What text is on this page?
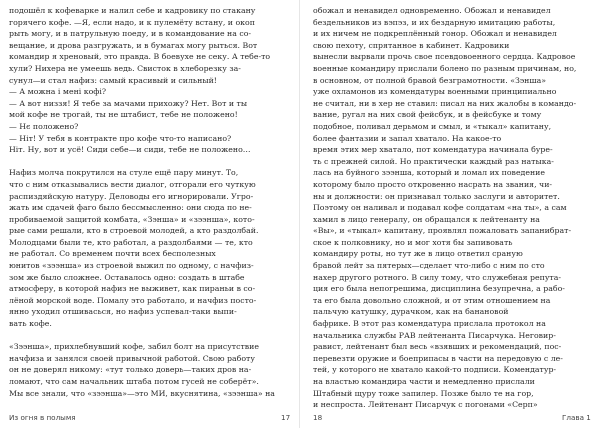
подошёл к кофеварке и налил себе и кадровику по стакану
горячего кофе. —Я, если надо, и к пулемёту встану, и окоп
рыть могу, и в патрульную поеду, и в командование на со-
вещание, и дрова разгружать, и в бумагах могу рыться. Вот
командир я хреновый, это правда. В боевухе не секу. А тебе-то
хули? Нихера не умеешь ведь. Свисток в хлеборезку за-
сунул—и стал нафиз: самый красивый и сильный!
— А можна і мені кофі?
— А вот низзя! Я тебе за мачами прихожу? Нет. Вот и ты
мой кофе не трогай, ты не штабист, тебе не положено!
— Нє положено?
— Ніт! У тебя в контракте про кофе что-то написано?
Ніт. Ну, вот и усё! Сиди себе—и сиди, тебе не положено…
Нафиз молча покрутился на стуле ещё пару минут. То,
что с ним отказывались вести диалог, отгорали его чуткую
распиздяйскую натуру. Деловоды его игнорировали. Угро-
жать им сдачей фаго было бессмысленно: они сюда по не-
пробиваемой защитой комбата, «Зэнша» и «зээнша», кото-
рые сами решали, кто в строевой молодей, а кто раздолбай.
Молодцами были те, кто работал, а раздолбаями — те, кто
не работал. Со временем почти всех бесполезных
юнитов «зээнша» из строевой выжил по одному, с начфиз-
зом же было сложнее. Оставалось одно: создать в штабе
атмосферу, в которой нафиз не выживет, как пираньи в со-
лёной морской воде. Помалу это работало, и начфиз посто-
янно уходил отшивасься, но нафиз успевал-таки выпи-
вать кофе.
«Зээнша», прихлебнувший кофе, забил болт на присутствие
начфиза и занялся своей привычной работой. Свою работу
он не доверял никому: «тут только доверь—таких дров на-
ломают, что сам начальник штаба потом гусей не соберёт».
Мы все знали, что «зээнша»—это МИ, вкуснятина, «зээнша» на
Из огня в полымя	17
обожал и ненавидел одновременно. Обожал и ненавидел
бездельников из вэпэз, и их бездарную имитацию работы,
и их ничем не подкреплённый гонор. Обожал и ненавидел
свою пехоту, спрятанное в кабинет. Кадровики
вынесли вырвали прочь свое псевдовоенного сердца. Кадровое
военные командиру прислали болено по разным причинам, но,
в основном, от полной бравой безграмотности. «Зэнша»
уже охламонов из комендатуры военными принципиально
не считал, ни в хер не ставил: писал на них жалобы в командо-
вание, ругал на них свой фейсбук, и в фейсбуке и тому
подобное, поливал дерьмом и смыл, и «тыкал» капитану,
более фантазии и запал хватало. На какое-то
время этих мер хватало, пот комендатура начинала буре-
ть с прежней силой. Но практически каждый раз натыка-
лась на буйного зээнша, который и ломал их поведение
которому было просто откровенно насрать на звания, чи-
ны и должности: он признавал только заслуги и авторитет.
Поэтому он наливал и подавал кофе солдатам «на ты», а сам
хамил в лицо генералу, он обращался к лейтенанту на
«Вы», и «тыкал» капитану, проявлял пожаловать запанибрат-
ское к полковнику, но и мог хотя бы запивовать
командиру роты, но тут же в лицо ответил сраную
бравой лейт за пятерых—сделает что-либо с ним по сто
нахер другого ротного. В силу тому, что служебная репута-
ция его была непогрешима, дисциплина безупречна, а рабо-
та его была довольно сложной, и от этим отношением на
пальчую катушку, дурачком, как на банановой
бафрике. В этот раз комендатура прислала протокол на
начальника службы РАВ лейтенанта Писарчука. Неговир-
равист, лейтенант был весь «взявших и рекомендаций, пос-
перевезти оружие и боеприпасы в части на передовую с ле-
тей, у которого не хватало какой-то подписи. Комендатур-
на властью командира части и немедленно прислали
Штабный щуру тоже запилер. Позже было те на гор,
и неспроста. Лейтенант Писарчук с погонами «Серп»
18	Глава 1
